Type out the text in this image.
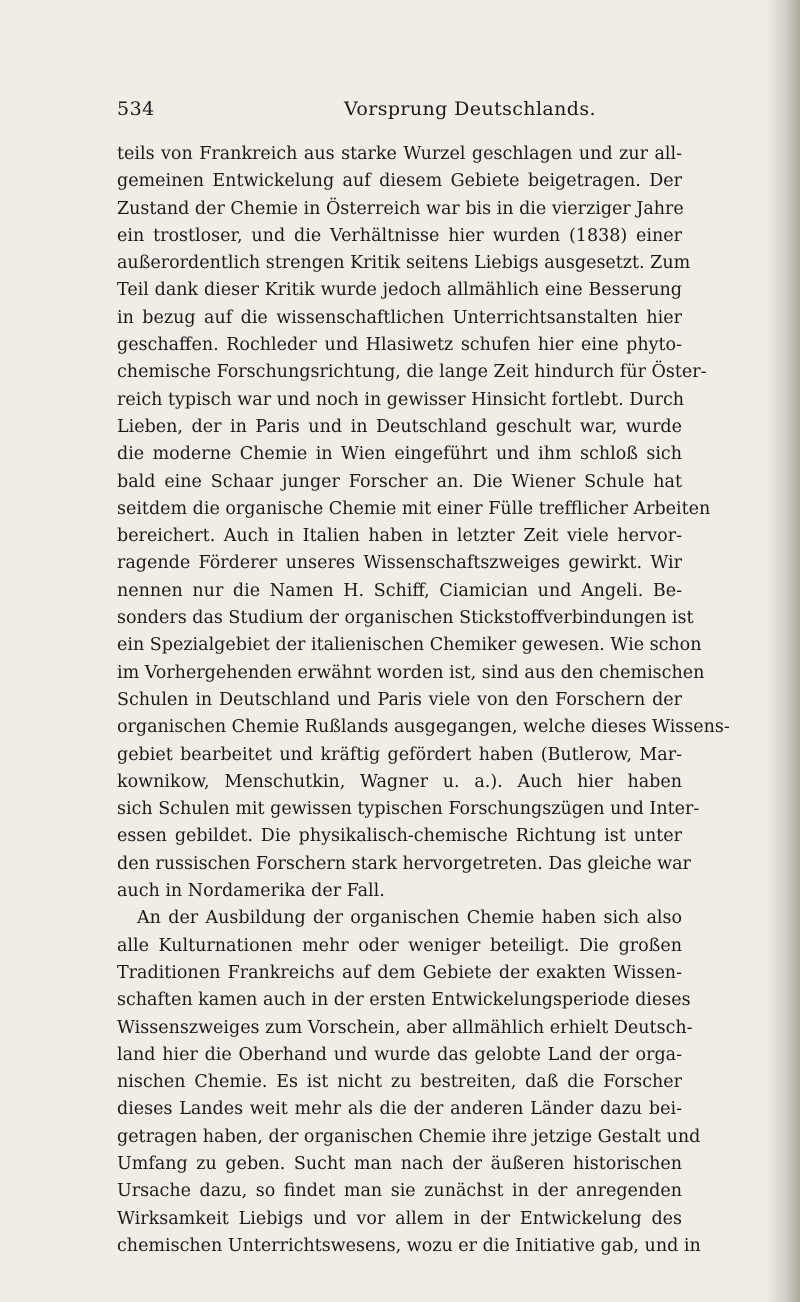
534	Vorsprung Deutschlands.
teils von Frankreich aus starke Wurzel geschlagen und zur all-
gemeinen Entwickelung auf diesem Gebiete beigetragen. Der
Zustand der Chemie in Österreich war bis in die vierziger Jahre
ein trostloser, und die Verhältnisse hier wurden (1838) einer
außerordentlich strengen Kritik seitens Liebigs ausgesetzt. Zum
Teil dank dieser Kritik wurde jedoch allmählich eine Besserung
in bezug auf die wissenschaftlichen Unterrichtsanstalten hier
geschaffen. Rochleder und Hlasiwetz schufen hier eine phyto-
chemische Forschungsrichtung, die lange Zeit hindurch für Öster-
reich typisch war und noch in gewisser Hinsicht fortlebt. Durch
Lieben, der in Paris und in Deutschland geschult war, wurde
die moderne Chemie in Wien eingeführt und ihm schloß sich
bald eine Schaar junger Forscher an. Die Wiener Schule hat
seitdem die organische Chemie mit einer Fülle trefflicher Arbeiten
bereichert. Auch in Italien haben in letzter Zeit viele hervor-
ragende Förderer unseres Wissenschaftszweiges gewirkt. Wir
nennen nur die Namen H. Schiff, Ciamician und Angeli. Be-
sonders das Studium der organischen Stickstoffverbindungen ist
ein Spezialgebiet der italienischen Chemiker gewesen. Wie schon
im Vorhergehenden erwähnt worden ist, sind aus den chemischen
Schulen in Deutschland und Paris viele von den Forschern der
organischen Chemie Rußlands ausgegangen, welche dieses Wissens-
gebiet bearbeitet und kräftig gefördert haben (Butlerow, Mar-
kownikow, Menschutkin, Wagner u. a.). Auch hier haben
sich Schulen mit gewissen typischen Forschungszügen und Inter-
essen gebildet. Die physikalisch-chemische Richtung ist unter
den russischen Forschern stark hervorgetreten. Das gleiche war
auch in Nordamerika der Fall.
An der Ausbildung der organischen Chemie haben sich also
alle Kulturnationen mehr oder weniger beteiligt. Die großen
Traditionen Frankreichs auf dem Gebiete der exakten Wissen-
schaften kamen auch in der ersten Entwickelungsperiode dieses
Wissenszweiges zum Vorschein, aber allmählich erhielt Deutsch-
land hier die Oberhand und wurde das gelobte Land der orga-
nischen Chemie. Es ist nicht zu bestreiten, daß die Forscher
dieses Landes weit mehr als die der anderen Länder dazu bei-
getragen haben, der organischen Chemie ihre jetzige Gestalt und
Umfang zu geben. Sucht man nach der äußeren historischen
Ursache dazu, so findet man sie zunächst in der anregenden
Wirksamkeit Liebigs und vor allem in der Entwickelung des
chemischen Unterrichtswesens, wozu er die Initiative gab, und in
